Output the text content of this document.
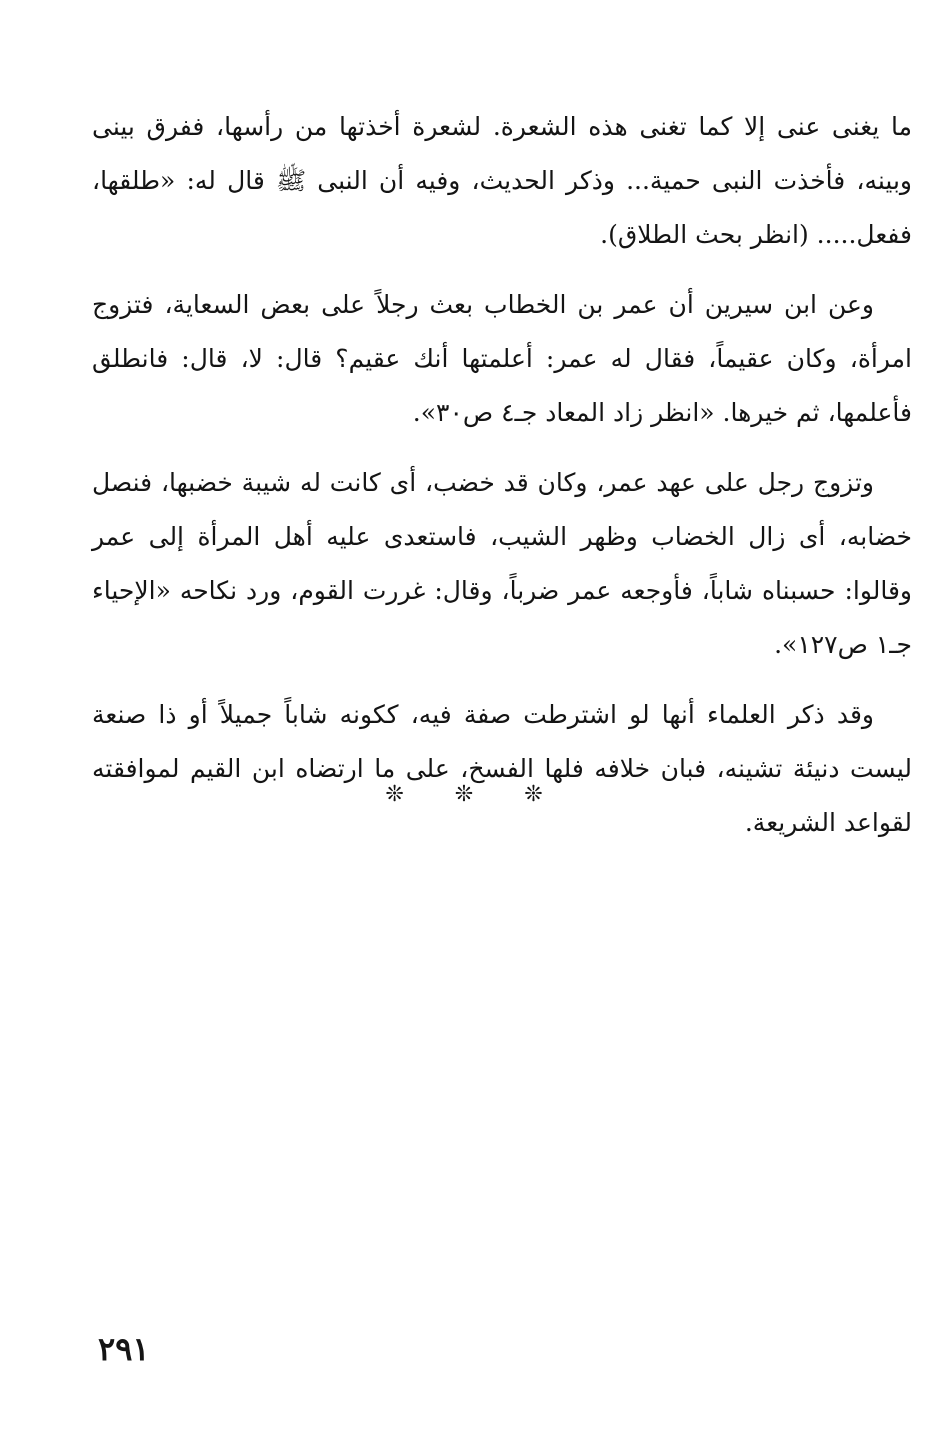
ما يغنى عنى إلا كما تغنى هذه الشعرة. لشعرة أخذتها من رأسها، ففرق بينى وبينه، فأخذت النبى حمية... وذكر الحديث، وفيه أن النبى ﷺ قال له: «طلقها، ففعل..... (انظر بحث الطلاق).

وعن ابن سيرين أن عمر بن الخطاب بعث رجلاً على بعض السعاية، فتزوج امرأة، وكان عقيماً، فقال له عمر: أعلمتها أنك عقيم؟ قال: لا، قال: فانطلق فأعلمها، ثم خيرها. «انظر زاد المعاد جـ٤ ص٣٠».

وتزوج رجل على عهد عمر، وكان قد خضب، أى كانت له شيبة خضبها، فنصل خضابه، أى زال الخضاب وظهر الشيب، فاستعدى عليه أهل المرأة إلى عمر وقالوا: حسبناه شاباً، فأوجعه عمر ضرباً، وقال: غررت القوم، ورد نكاحه «الإحياء جـ١ ص١٢٧».

وقد ذكر العلماء أنها لو اشترطت صفة فيه، ككونه شاباً جميلاً أو ذا صنعة ليست دنيئة تشينه، فبان خلافه فلها الفسخ، على ما ارتضاه ابن القيم لموافقته لقواعد الشريعة.

❊ ❊ ❊
٢٩١
